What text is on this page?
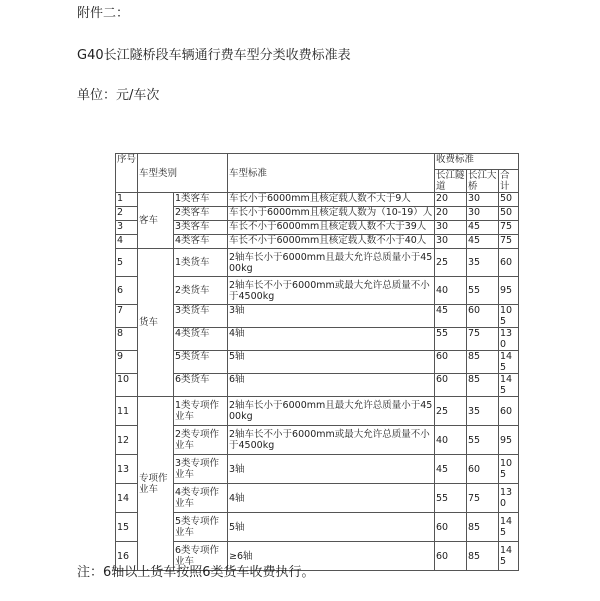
附件二：
G40长江隧桥段车辆通行费车型分类收费标准表
单位：元/车次
序号	车型类别		车型标准	收费标准		
				长江隧道	长江大桥	合计
1	客车	1类客车	车长小于6000mm且核定载人数不大于9人	20	30	50
2		2类客车	车长小于6000mm且核定载人数为（10-19）人	20	30	50
3		3类客车	车长不小于6000mm且核定载人数不大于39人	30	45	75
4		4类客车	车长不小于6000mm且核定载人数不小于40人	30	45	75
5	货车	1类货车	2轴车长小于6000mm且最大允许总质量小于4500kg	25	35	60
6		2类货车	2轴车长不小于6000mm或最大允许总质量不小于4500kg	40	55	95
7		3类货车	3轴	45	60	105
8		4类货车	4轴	55	75	130
9		5类货车	5轴	60	85	145
10		6类货车	6轴	60	85	145
11	专项作业车	1类专项作业车	2轴车长小于6000mm且最大允许总质量小于4500kg	25	35	60
12		2类专项作业车	2轴车长不小于6000mm或最大允许总质量不小于4500kg	40	55	95
13		3类专项作业车	3轴	45	60	105
14		4类专项作业车	4轴	55	75	130
15		5类专项作业车	5轴	60	85	145
16		6类专项作业车	≥6轴	60	85	145
注：6轴以上货车按照6类货车收费执行。
